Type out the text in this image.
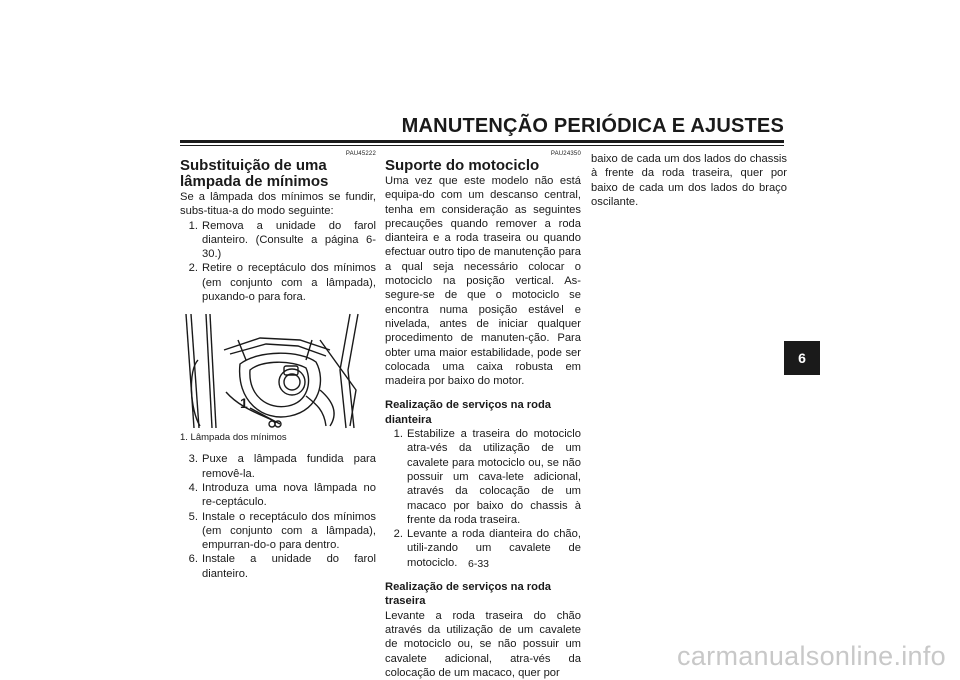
MANUTENÇÃO PERIÓDICA E AJUSTES
PAU45222
Substituição de uma lâmpada de mínimos

Se a lâmpada dos mínimos se fundir, subs-titua-a do modo seguinte:

1. Remova a unidade do farol dianteiro. (Consulte a página 6-30.)
2. Retire o receptáculo dos mínimos (em conjunto com a lâmpada), puxando-o para fora.
1
1. Lâmpada dos mínimos
3. Puxe a lâmpada fundida para removê-la.
4. Introduza uma nova lâmpada no re-ceptáculo.
5. Instale o receptáculo dos mínimos (em conjunto com a lâmpada), empurran-do-o para dentro.
6. Instale a unidade do farol dianteiro.
PAU24350
Suporte do motociclo

Uma vez que este modelo não está equipa-do com um descanso central, tenha em consideração as seguintes precauções quando remover a roda dianteira e a roda traseira ou quando efectuar outro tipo de manutenção para a qual seja necessário colocar o motociclo na posição vertical. As-segure-se de que o motociclo se encontra numa posição estável e nivelada, antes de iniciar qualquer procedimento de manuten-ção. Para obter uma maior estabilidade, pode ser colocada uma caixa robusta em madeira por baixo do motor.

Realização de serviços na roda dianteira
1. Estabilize a traseira do motociclo atra-vés da utilização de um cavalete para motociclo ou, se não possuir um cava-lete adicional, através da colocação de um macaco por baixo do chassis à frente da roda traseira.
2. Levante a roda dianteira do chão, utili-zando um cavalete de motociclo.
Realização de serviços na roda traseira

Levante a roda traseira do chão através da utilização de um cavalete de motociclo ou, se não possuir um cavalete adicional, atra-vés da colocação de um macaco, quer por

baixo de cada um dos lados do chassis à frente da roda traseira, quer por baixo de cada um dos lados do braço oscilante.

6
6-33
carmanualsonline.info
